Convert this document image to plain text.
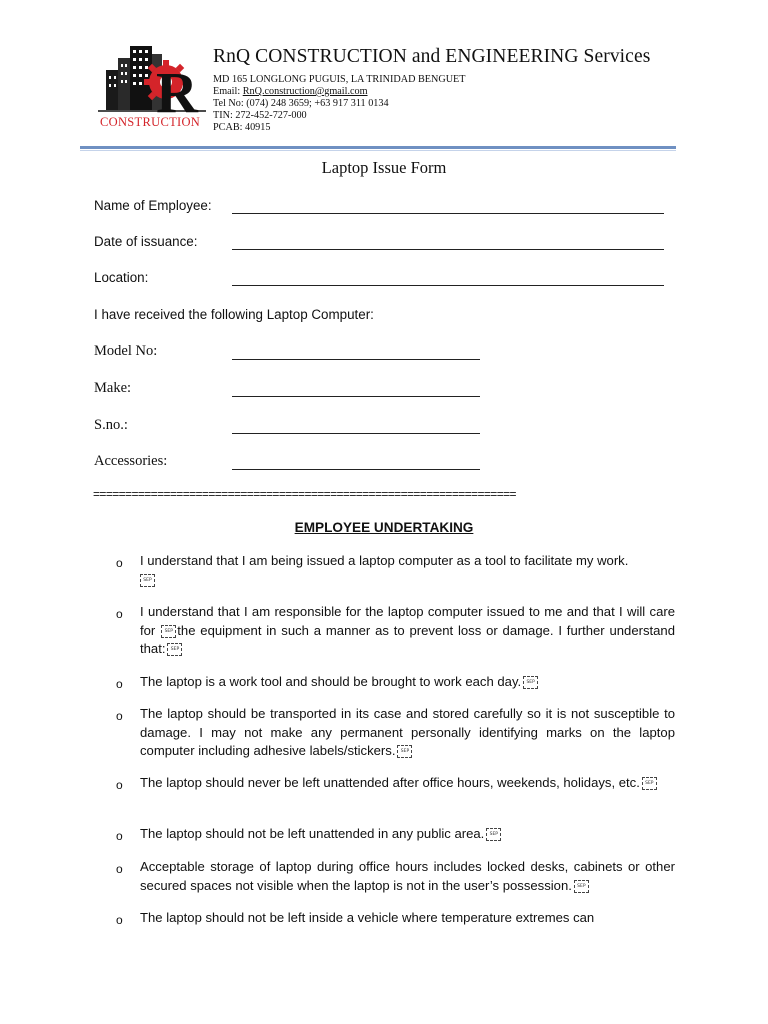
R
CONSTRUCTION
RnQ CONSTRUCTION and ENGINEERING Services
MD 165 LONGLONG PUGUIS, LA TRINIDAD BENGUET
Email: RnQ.construction@gmail.com
Tel No: (074) 248 3659; +63 917 311 0134
TIN: 272-452-727-000
PCAB: 40915
Laptop Issue Form
Name of Employee:
Date of issuance:
Location:
I have received the following Laptop Computer:
Model No:
Make:
S.no.:
Accessories:
==================================================================
EMPLOYEE UNDERTAKING
o I understand that I am being issued a laptop computer as a tool to facilitate my work.
SEP
o I understand that I am responsible for the laptop computer issued to me and that I will care for SEP the equipment in such a manner as to prevent loss or damage. I further understand that: SEP
o The laptop is a work tool and should be brought to work each day. SEP
o The laptop should be transported in its case and stored carefully so it is not susceptible to damage. I may not make any permanent personally identifying marks on the laptop computer including adhesive labels/stickers. SEP
o The laptop should never be left unattended after office hours, weekends, holidays, etc. SEP
o The laptop should not be left unattended in any public area. SEP
o Acceptable storage of laptop during office hours includes locked desks, cabinets or other secured spaces not visible when the laptop is not in the user’s possession. SEP
o The laptop should not be left inside a vehicle where temperature extremes can
